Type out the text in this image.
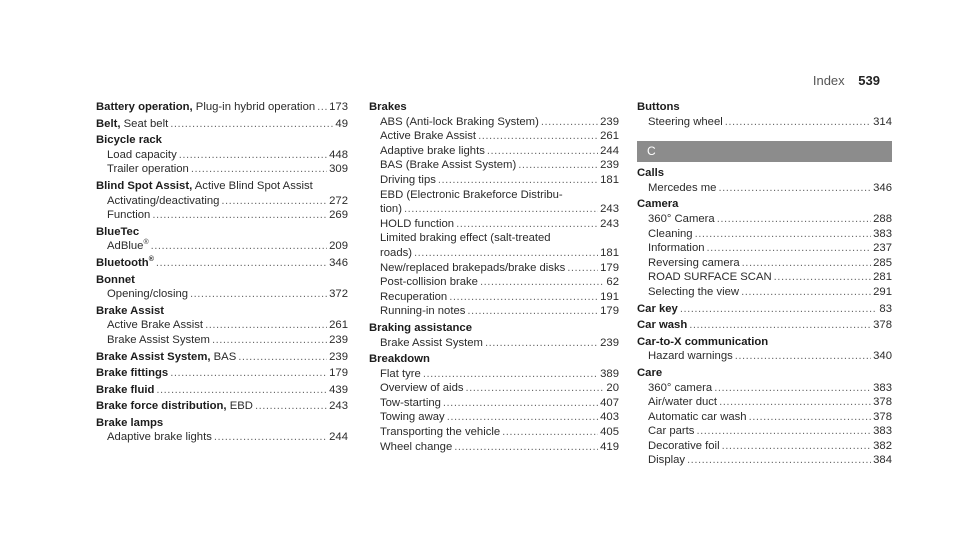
Index 539
Battery operation, Plug-in hybrid operation ..... 173
Belt, Seat belt .....	49
Bicycle rack
Load capacity .....	448
Trailer operation .....	309
Blind Spot Assist, Active Blind Spot Assist
Activating/deactivating .....	272
Function .....	269
BlueTec
AdBlue® .....	209
Bluetooth® .....	346
Bonnet
Opening/closing .....	372
Brake Assist
Active Brake Assist .....	261
Brake Assist System .....	239
Brake Assist System, BAS .....	239
Brake fittings .....	179
Brake fluid .....	439
Brake force distribution, EBD .....	243
Brake lamps
Adaptive brake lights .....	244
Brakes
ABS (Anti-lock Braking System) .....	239
Active Brake Assist .....	261
Adaptive brake lights .....	244
BAS (Brake Assist System) .....	239
Driving tips .....	181
EBD (Electronic Brakeforce Distribu-
tion) .....	243
HOLD function .....	243
Limited braking effect (salt-treated
roads) .....	181
New/replaced brakepads/brake disks .....	179
Post-collision brake .....	62
Recuperation .....	191
Running-in notes .....	179
Braking assistance
Brake Assist System .....	239
Breakdown
Flat tyre .....	389
Overview of aids .....	20
Tow-starting .....	407
Towing away .....	403
Transporting the vehicle .....	405
Wheel change .....	419
Buttons
Steering wheel .....	314
C
Calls
Mercedes me .....	346
Camera
360° Camera .....	288
Cleaning .....	383
Information .....	237
Reversing camera .....	285
ROAD SURFACE SCAN .....	281
Selecting the view .....	291
Car key .....	83
Car wash .....	378
Car-to-X communication
Hazard warnings .....	340
Care
360° camera .....	383
Air/water duct .....	378
Automatic car wash .....	378
Car parts .....	383
Decorative foil .....	382
Display .....	384
